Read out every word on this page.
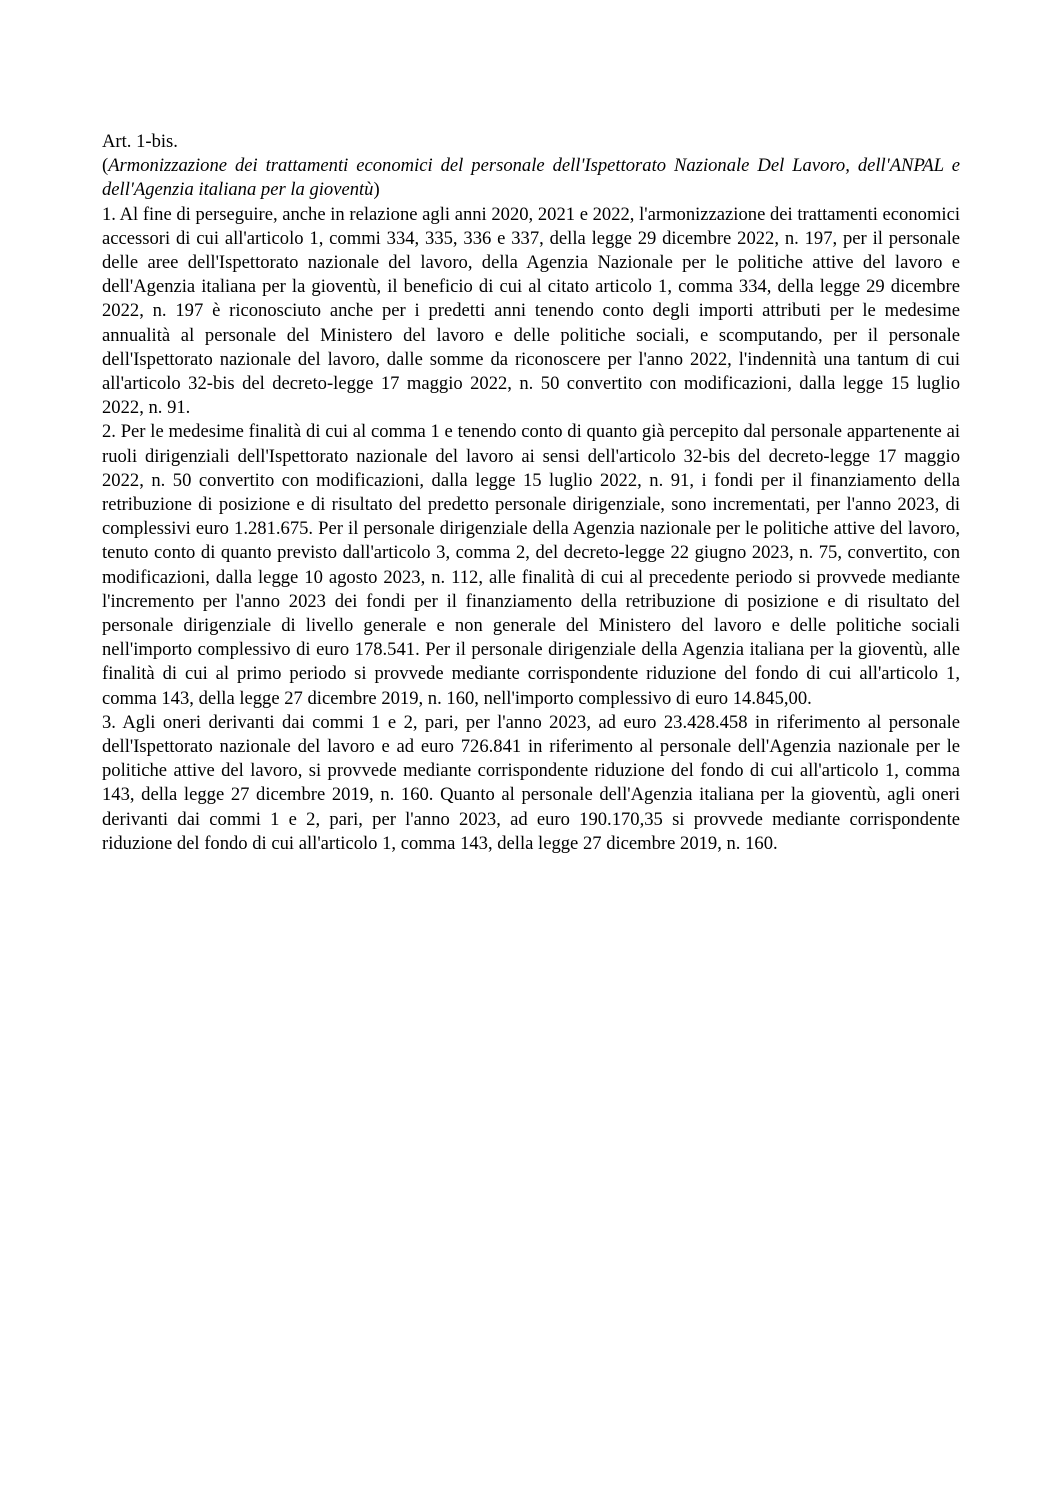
Art. 1-bis.

(Armonizzazione dei trattamenti economici del personale dell'Ispettorato Nazionale Del Lavoro, dell'ANPAL e dell'Agenzia italiana per la gioventù)

1. Al fine di perseguire, anche in relazione agli anni 2020, 2021 e 2022, l'armonizzazione dei trattamenti economici accessori di cui all'articolo 1, commi 334, 335, 336 e 337, della legge 29 dicembre 2022, n. 197, per il personale delle aree dell'Ispettorato nazionale del lavoro, della Agenzia Nazionale per le politiche attive del lavoro e dell'Agenzia italiana per la gioventù, il beneficio di cui al citato articolo 1, comma 334, della legge 29 dicembre 2022, n. 197 è riconosciuto anche per i predetti anni tenendo conto degli importi attributi per le medesime annualità al personale del Ministero del lavoro e delle politiche sociali, e scomputando, per il personale dell'Ispettorato nazionale del lavoro, dalle somme da riconoscere per l'anno 2022, l'indennità una tantum di cui all'articolo 32-bis del decreto-legge 17 maggio 2022, n. 50 convertito con modificazioni, dalla legge 15 luglio 2022, n. 91.

2. Per le medesime finalità di cui al comma 1 e tenendo conto di quanto già percepito dal personale appartenente ai ruoli dirigenziali dell'Ispettorato nazionale del lavoro ai sensi dell'articolo 32-bis del decreto-legge 17 maggio 2022, n. 50 convertito con modificazioni, dalla legge 15 luglio 2022, n. 91, i fondi per il finanziamento della retribuzione di posizione e di risultato del predetto personale dirigenziale, sono incrementati, per l'anno 2023, di complessivi euro 1.281.675. Per il personale dirigenziale della Agenzia nazionale per le politiche attive del lavoro, tenuto conto di quanto previsto dall'articolo 3, comma 2, del decreto-legge 22 giugno 2023, n. 75, convertito, con modificazioni, dalla legge 10 agosto 2023, n. 112, alle finalità di cui al precedente periodo si provvede mediante l'incremento per l'anno 2023 dei fondi per il finanziamento della retribuzione di posizione e di risultato del personale dirigenziale di livello generale e non generale del Ministero del lavoro e delle politiche sociali nell'importo complessivo di euro 178.541. Per il personale dirigenziale della Agenzia italiana per la gioventù, alle finalità di cui al primo periodo si provvede mediante corrispondente riduzione del fondo di cui all'articolo 1, comma 143, della legge 27 dicembre 2019, n. 160, nell'importo complessivo di euro 14.845,00.

3. Agli oneri derivanti dai commi 1 e 2, pari, per l'anno 2023, ad euro 23.428.458 in riferimento al personale dell'Ispettorato nazionale del lavoro e ad euro 726.841 in riferimento al personale dell'Agenzia nazionale per le politiche attive del lavoro, si provvede mediante corrispondente riduzione del fondo di cui all'articolo 1, comma 143, della legge 27 dicembre 2019, n. 160. Quanto al personale dell'Agenzia italiana per la gioventù, agli oneri derivanti dai commi 1 e 2, pari, per l'anno 2023, ad euro 190.170,35 si provvede mediante corrispondente riduzione del fondo di cui all'articolo 1, comma 143, della legge 27 dicembre 2019, n. 160.
